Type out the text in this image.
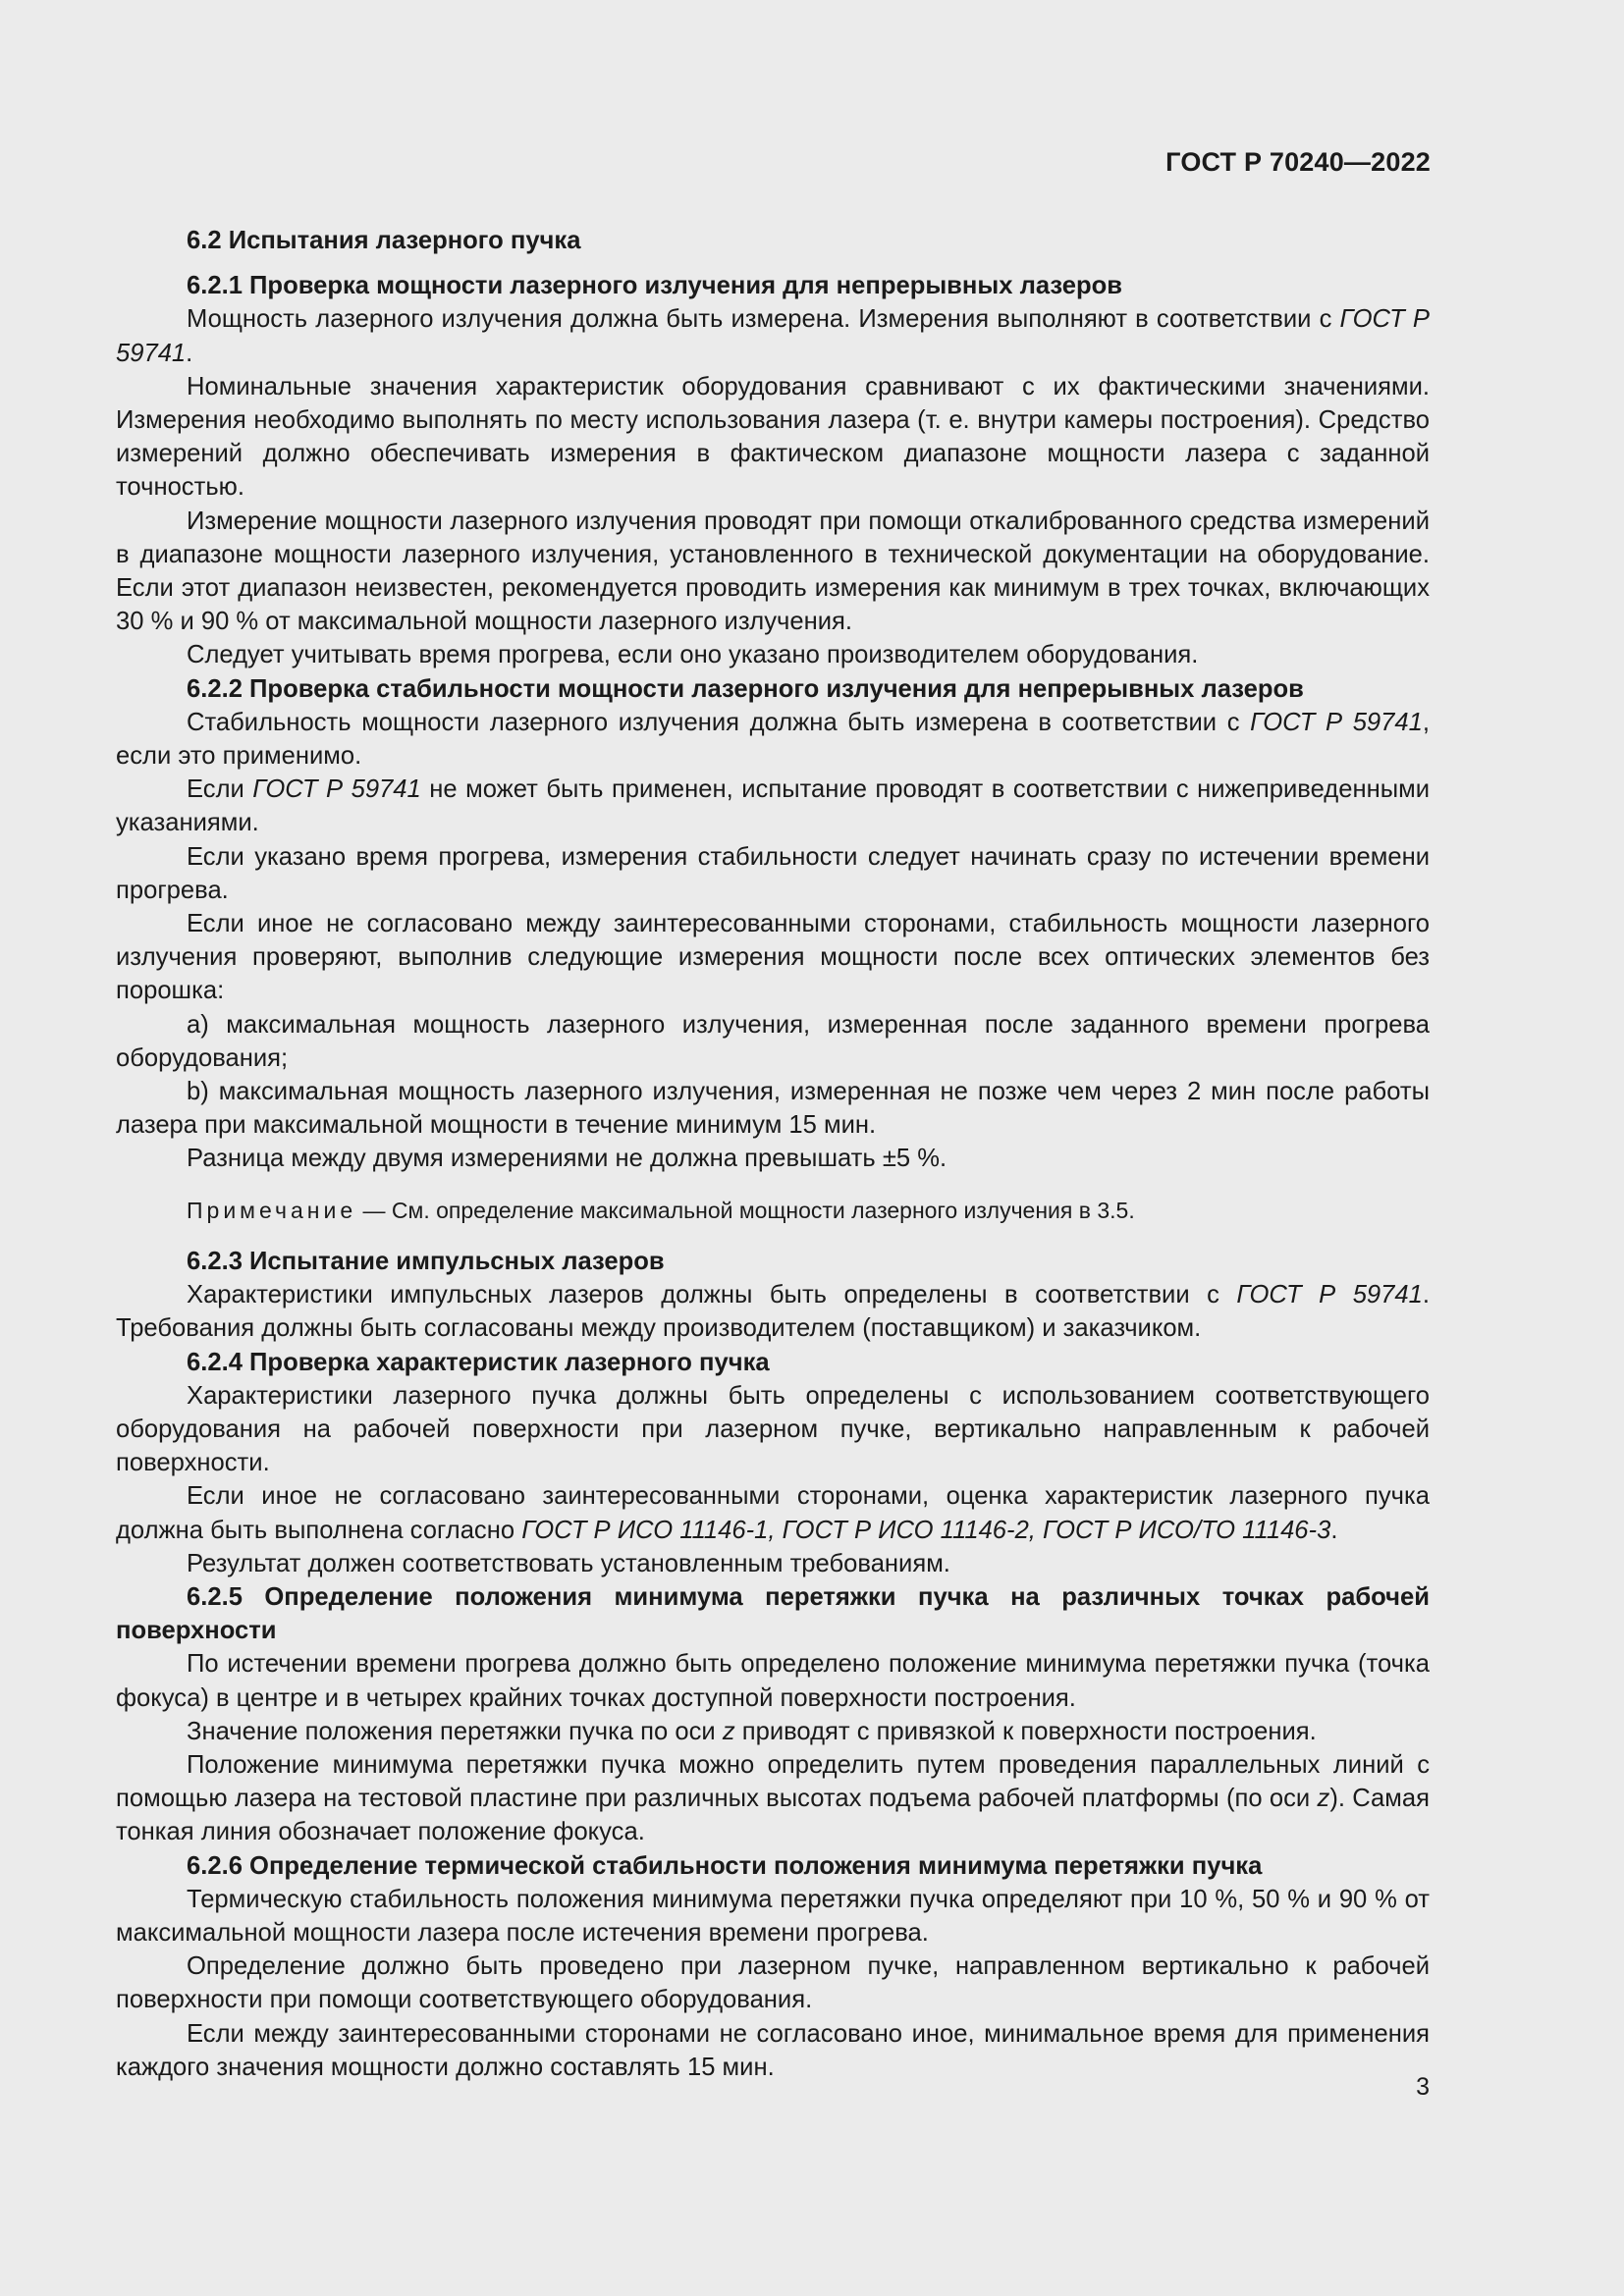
ГОСТ Р 70240—2022

6.2 Испытания лазерного пучка

6.2.1 Проверка мощности лазерного излучения для непрерывных лазеров

Мощность лазерного излучения должна быть измерена. Измерения выполняют в соответствии с ГОСТ Р 59741.

Номинальные значения характеристик оборудования сравнивают с их фактическими значениями. Измерения необходимо выполнять по месту использования лазера (т. е. внутри камеры построения). Средство измерений должно обеспечивать измерения в фактическом диапазоне мощности лазера с заданной точностью.

Измерение мощности лазерного излучения проводят при помощи откалиброванного средства измерений в диапазоне мощности лазерного излучения, установленного в технической документации на оборудование. Если этот диапазон неизвестен, рекомендуется проводить измерения как минимум в трех точках, включающих 30 % и 90 % от максимальной мощности лазерного излучения.

Следует учитывать время прогрева, если оно указано производителем оборудования.

6.2.2 Проверка стабильности мощности лазерного излучения для непрерывных лазеров

Стабильность мощности лазерного излучения должна быть измерена в соответствии с ГОСТ Р 59741, если это применимо.

Если ГОСТ Р 59741 не может быть применен, испытание проводят в соответствии с нижеприведенными указаниями.

Если указано время прогрева, измерения стабильности следует начинать сразу по истечении времени прогрева.

Если иное не согласовано между заинтересованными сторонами, стабильность мощности лазерного излучения проверяют, выполнив следующие измерения мощности после всех оптических элементов без порошка:

a) максимальная мощность лазерного излучения, измеренная после заданного времени прогрева оборудования;

b) максимальная мощность лазерного излучения, измеренная не позже чем через 2 мин после работы лазера при максимальной мощности в течение минимум 15 мин.

Разница между двумя измерениями не должна превышать ±5 %.

Примечание — См. определение максимальной мощности лазерного излучения в 3.5.

6.2.3 Испытание импульсных лазеров

Характеристики импульсных лазеров должны быть определены в соответствии с ГОСТ Р 59741. Требования должны быть согласованы между производителем (поставщиком) и заказчиком.

6.2.4 Проверка характеристик лазерного пучка

Характеристики лазерного пучка должны быть определены с использованием соответствующего оборудования на рабочей поверхности при лазерном пучке, вертикально направленным к рабочей поверхности.

Если иное не согласовано заинтересованными сторонами, оценка характеристик лазерного пучка должна быть выполнена согласно ГОСТ Р ИСО 11146-1, ГОСТ Р ИСО 11146-2, ГОСТ Р ИСО/ТО 11146-3.

Результат должен соответствовать установленным требованиям.

6.2.5 Определение положения минимума перетяжки пучка на различных точках рабочей поверхности

По истечении времени прогрева должно быть определено положение минимума перетяжки пучка (точка фокуса) в центре и в четырех крайних точках доступной поверхности построения.

Значение положения перетяжки пучка по оси z приводят с привязкой к поверхности построения.

Положение минимума перетяжки пучка можно определить путем проведения параллельных линий с помощью лазера на тестовой пластине при различных высотах подъема рабочей платформы (по оси z). Самая тонкая линия обозначает положение фокуса.

6.2.6 Определение термической стабильности положения минимума перетяжки пучка

Термическую стабильность положения минимума перетяжки пучка определяют при 10 %, 50 % и 90 % от максимальной мощности лазера после истечения времени прогрева.

Определение должно быть проведено при лазерном пучке, направленном вертикально к рабочей поверхности при помощи соответствующего оборудования.

Если между заинтересованными сторонами не согласовано иное, минимальное время для применения каждого значения мощности должно составлять 15 мин.

3
